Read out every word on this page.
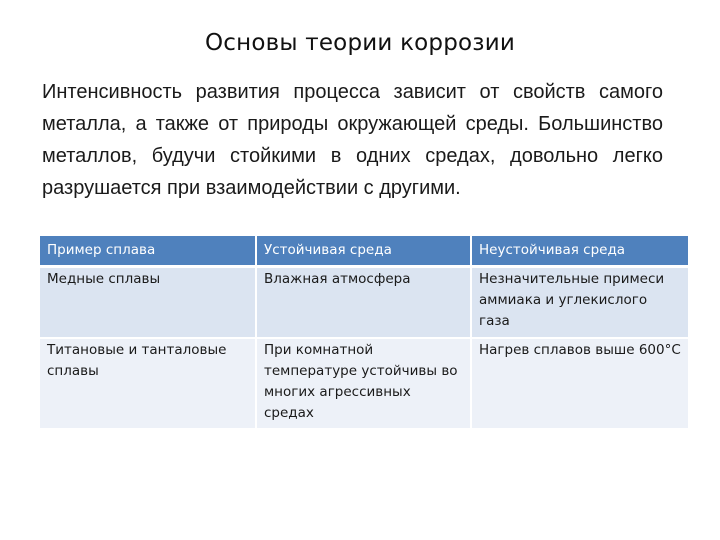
Основы теории коррозии

Интенсивность развития процесса зависит от свойств самого металла, а также от природы окружающей среды. Большинство металлов, будучи стойкими в одних средах, довольно легко разрушается при взаимодействии с другими.

Пример сплава	Устойчивая среда	Неустойчивая среда
Медные сплавы	Влажная атмосфера	Незначительные примеси аммиака и углекислого газа
Титановые и танталовые сплавы	При комнатной температуре устойчивы во многих агрессивных средах	Нагрев сплавов выше 600°С
